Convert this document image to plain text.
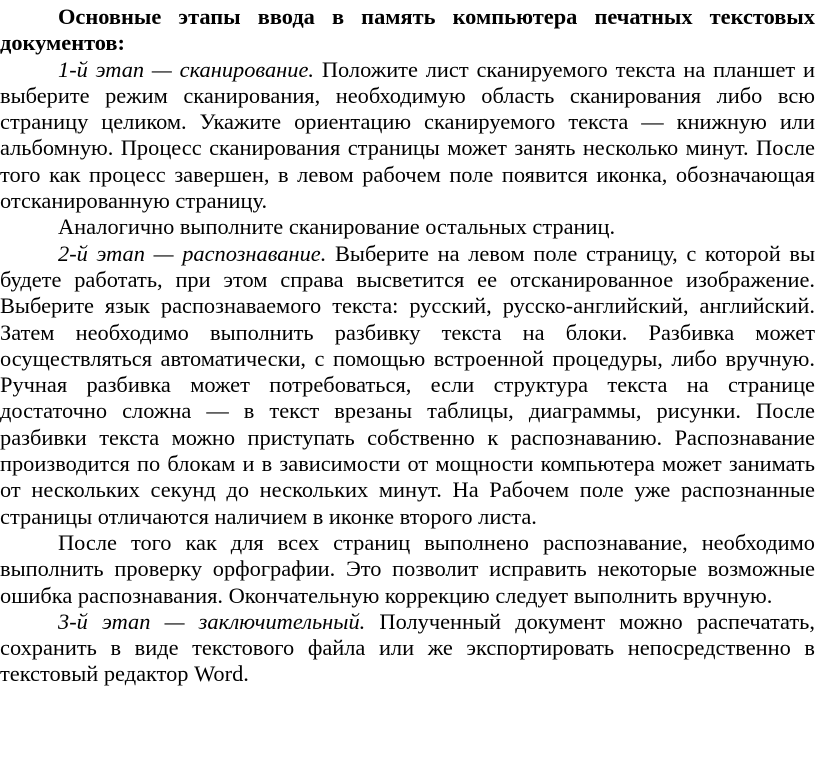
Основные этапы ввода в память компьютера печатных текстовых документов:

1-й этап — сканирование. Положите лист сканируемого текста на планшет и выберите режим сканирования, необходимую область сканирования либо всю страницу целиком. Укажите ориентацию сканируемого текста — книжную или альбомную. Процесс сканирования страницы может занять несколько минут. После того как процесс завершен, в левом рабочем поле появится иконка, обозначающая отсканированную страницу.

Аналогично выполните сканирование остальных страниц.

2-й этап — распознавание. Выберите на левом поле страницу, с которой вы будете работать, при этом справа высветится ее отсканированное изображение. Выберите язык распознаваемого текста: русский, русско-английский, английский. Затем необходимо выполнить разбивку текста на блоки. Разбивка может осуществляться автоматически, с помощью встроенной процедуры, либо вручную. Ручная разбивка может потребоваться, если структура текста на странице достаточно сложна — в текст врезаны таблицы, диаграммы, рисунки. После разбивки текста можно приступать собственно к распознаванию. Распознавание производится по блокам и в зависимости от мощности компьютера может занимать от нескольких секунд до нескольких минут. На Рабочем поле уже распознанные страницы отличаются наличием в иконке второго листа.

После того как для всех страниц выполнено распознавание, необходимо выполнить проверку орфографии. Это позволит исправить некоторые возможные ошибка распознавания. Окончательную коррекцию следует выполнить вручную.

3-й этап — заключительный. Полученный документ можно распечатать, сохранить в виде текстового файла или же экспортировать непосредственно в текстовый редактор Word.
